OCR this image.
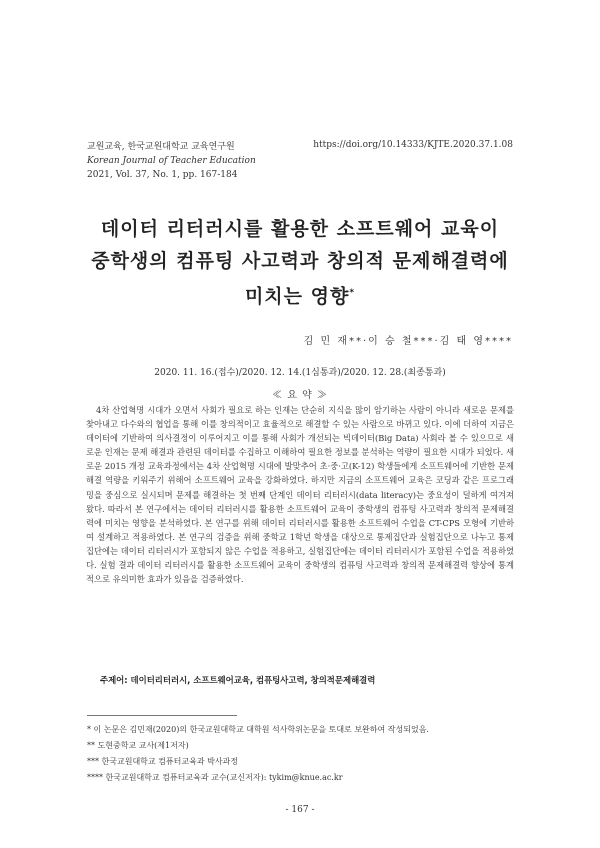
교원교육, 한국교원대학교 교육연구원
Korean Journal of Teacher Education
2021, Vol. 37, No. 1, pp. 167-184
https://doi.org/10.14333/KJTE.2020.37.1.08
데이터 리터러시를 활용한 소프트웨어 교육이
중학생의 컴퓨팅 사고력과 창의적 문제해결력에
미치는 영향*
김 민 재**·이 승 철***·김 태 영****
2020. 11. 16.(접수)/2020. 12. 14.(1심통과)/2020. 12. 28.(최종통과)
≪ 요 약 ≫

4차 산업혁명 시대가 오면서 사회가 필요로 하는 인재는 단순히 지식을 많이 암기하는 사람이 아니라 새로운 문제를 찾아내고 다수와의 협업을 통해 이를 창의적이고 효율적으로 해결할 수 있는 사람으로 바뀌고 있다. 이에 더하여 지금은 데이터에 기반하여 의사결정이 이루어지고 이를 통해 사회가 개선되는 빅데이터(Big Data) 사회라 볼 수 있으므로 새로운 인재는 문제 해결과 관련된 데이터를 수집하고 이해하여 필요한 정보를 분석하는 역량이 필요한 시대가 되었다. 새로운 2015 개정 교육과정에서는 4차 산업혁명 시대에 발맞추어 초·중·고(K-12) 학생들에게 소프트웨어에 기반한 문제해결 역량을 키워주기 위해어 소프트웨어 교육을 강화하였다. 하지만 지금의 소프트웨어 교육은 코딩과 같은 프로그래밍을 중심으로 실시되며 문제를 해결하는 첫 번째 단계인 데이터 리터러시(data literacy)는 중요성이 덜하게 여겨져 왔다. 따라서 본 연구에서는 데이터 리터러시를 활용한 소프트웨어 교육이 중학생의 컴퓨팅 사고력과 창의적 문제해결력에 미치는 영향을 분석하였다. 본 연구를 위해 데이터 리터러시를 활용한 소프트웨어 수업을 CT-CPS 모형에 기반하여 설계하고 적용하였다. 본 연구의 검증을 위해 중학교 1학년 학생을 대상으로 통제집단과 실험집단으로 나누고 통제집단에는 데이터 리터러시가 포함되지 않은 수업을 적용하고, 실험집단에는 데이터 리터러시가 포함된 수업을 적용하였다. 실험 결과 데이터 리터러시를 활용한 소프트웨어 교육이 중학생의 컴퓨팅 사고력과 창의적 문제해결력 향상에 통계적으로 유의미한 효과가 있음을 검증하였다.

주제어: 데이터리터러시, 소프트웨어교육, 컴퓨팅사고력, 창의적문제해결력
* 이 논문은 김민재(2020)의 한국교원대학교 대학원 석사학위논문을 토대로 보완하여 작성되었음.
** 도현중학교 교사(제1저자)
*** 한국교원대학교 컴퓨터교육과 박사과정
**** 한국교원대학교 컴퓨터교육과 교수(교신저자): tykim@knue.ac.kr
- 167 -
